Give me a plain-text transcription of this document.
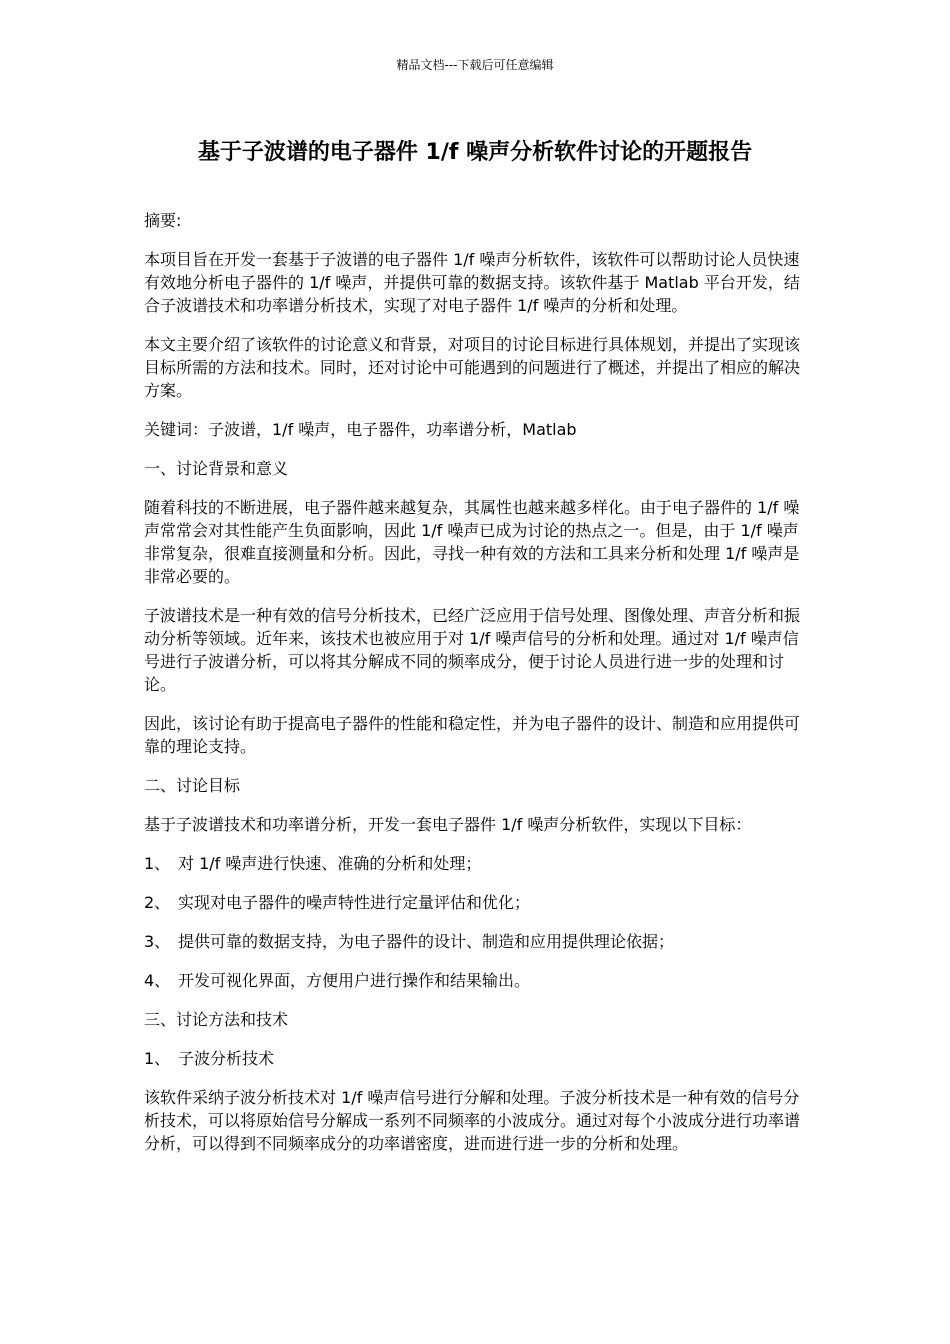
精品文档---下载后可任意编辑
基于子波谱的电子器件 1/f 噪声分析软件讨论的开题报告

摘要:

本项目旨在开发一套基于子波谱的电子器件 1/f 噪声分析软件，该软件可以帮助讨论人员快速有效地分析电子器件的 1/f 噪声，并提供可靠的数据支持。该软件基于 Matlab 平台开发，结合子波谱技术和功率谱分析技术，实现了对电子器件 1/f 噪声的分析和处理。

本文主要介绍了该软件的讨论意义和背景，对项目的讨论目标进行具体规划，并提出了实现该目标所需的方法和技术。同时，还对讨论中可能遇到的问题进行了概述，并提出了相应的解决方案。

关键词：子波谱，1/f 噪声，电子器件，功率谱分析，Matlab

一、讨论背景和意义

随着科技的不断进展，电子器件越来越复杂，其属性也越来越多样化。由于电子器件的 1/f 噪声常常会对其性能产生负面影响，因此 1/f 噪声已成为讨论的热点之一。但是，由于 1/f 噪声非常复杂，很难直接测量和分析。因此，寻找一种有效的方法和工具来分析和处理 1/f 噪声是非常必要的。

子波谱技术是一种有效的信号分析技术，已经广泛应用于信号处理、图像处理、声音分析和振动分析等领域。近年来，该技术也被应用于对 1/f 噪声信号的分析和处理。通过对 1/f 噪声信号进行子波谱分析，可以将其分解成不同的频率成分，便于讨论人员进行进一步的处理和讨论。

因此，该讨论有助于提高电子器件的性能和稳定性，并为电子器件的设计、制造和应用提供可靠的理论支持。

二、讨论目标

基于子波谱技术和功率谱分析，开发一套电子器件 1/f 噪声分析软件，实现以下目标：

1、 对 1/f 噪声进行快速、准确的分析和处理；
2、 实现对电子器件的噪声特性进行定量评估和优化；
3、 提供可靠的数据支持，为电子器件的设计、制造和应用提供理论依据；
4、 开发可视化界面，方便用户进行操作和结果输出。

三、讨论方法和技术

1、 子波分析技术

该软件采纳子波分析技术对 1/f 噪声信号进行分解和处理。子波分析技术是一种有效的信号分析技术，可以将原始信号分解成一系列不同频率的小波成分。通过对每个小波成分进行功率谱分析，可以得到不同频率成分的功率谱密度，进而进行进一步的分析和处理。
